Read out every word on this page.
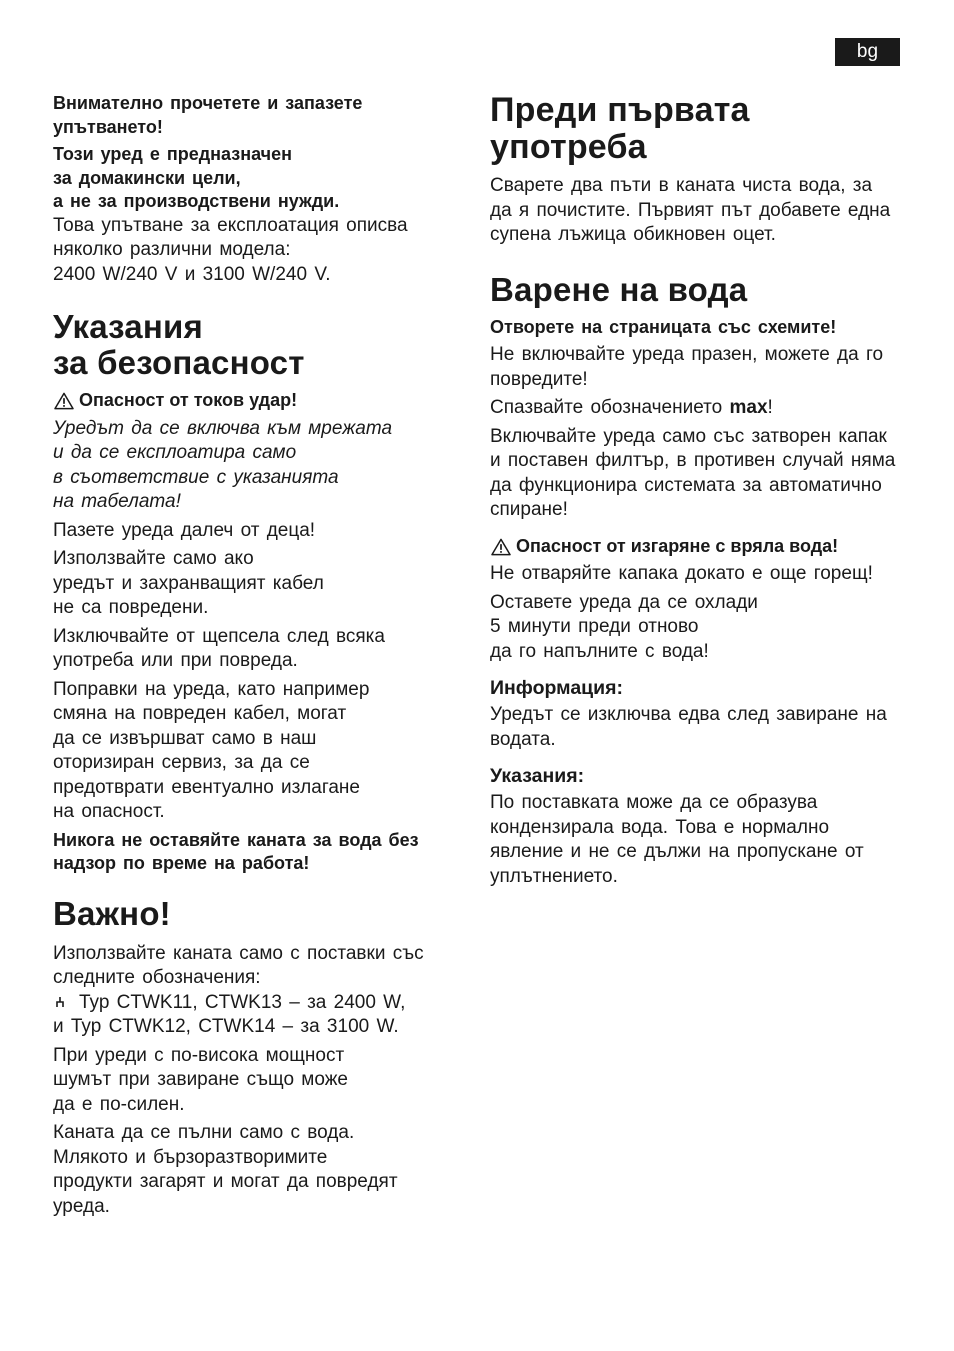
bg

Внимателно прочетете и запазете упътването!

Този уред е предназначен

за домакински цели,

а не за производствени нужди.

Това упътване за експлоатация описва няколко различни модела:

2400 W/240 V и 3100 W/240 V.

Указания
за безопасност
Опасност от токов удар!

Уредът да се включва към мрежата

и да се експлоатира само

в съответствие с указанията

на табелата!

Пазете уреда далеч от деца!

Използвайте само ако

уредът и захранващият кабел

не са повредени.

Изключвайте от щепсела след всяка употреба или при повреда.

Поправки на уреда, като например

смяна на повреден кабел, могат

да се извършват само в наш

оторизиран сервиз, за да се

предотврати евентуално излагане

на опасност.

Никога не оставяйте каната за вода без надзор по време на работа!

Важно!

Използвайте каната само с поставки със следните обозначения:

Тур CTWK11, CTWK13 – за 2400 W,

и Тур CTWK12, CTWK14 – за 3100 W.

При уреди с по-висока мощност

шумът при завиране също може

да е по-силен.

Каната да се пълни само с вода.

Млякото и бързоразтворимите

продукти загарят и могат да повредят

уреда.

Преди първата
употреба

Сварете два пъти в каната чиста вода, за да я почистите. Първият път добавете една супена лъжица обикновен оцет.

Варене на вода

Отворете на страницата със схемите!

Не включвайте уреда празен, можете да го повредите!

Спазвайте обозначението max!

Включвайте уреда само със затворен капак и поставен филтър, в противен случай няма да функционира системата за автоматично спиране!

Опасност от изгаряне с вряла вода!

Не отваряйте капака докато е още горещ!

Оставете уреда да се охлади

5 минути преди отново

да го напълните с вода!

Информация:

Уредът се изключва едва след завиране на водата.

Указания:

По поставката може да се образува кондензирала вода. Това е нормално явление и не се дължи на пропускане от уплътнението.
